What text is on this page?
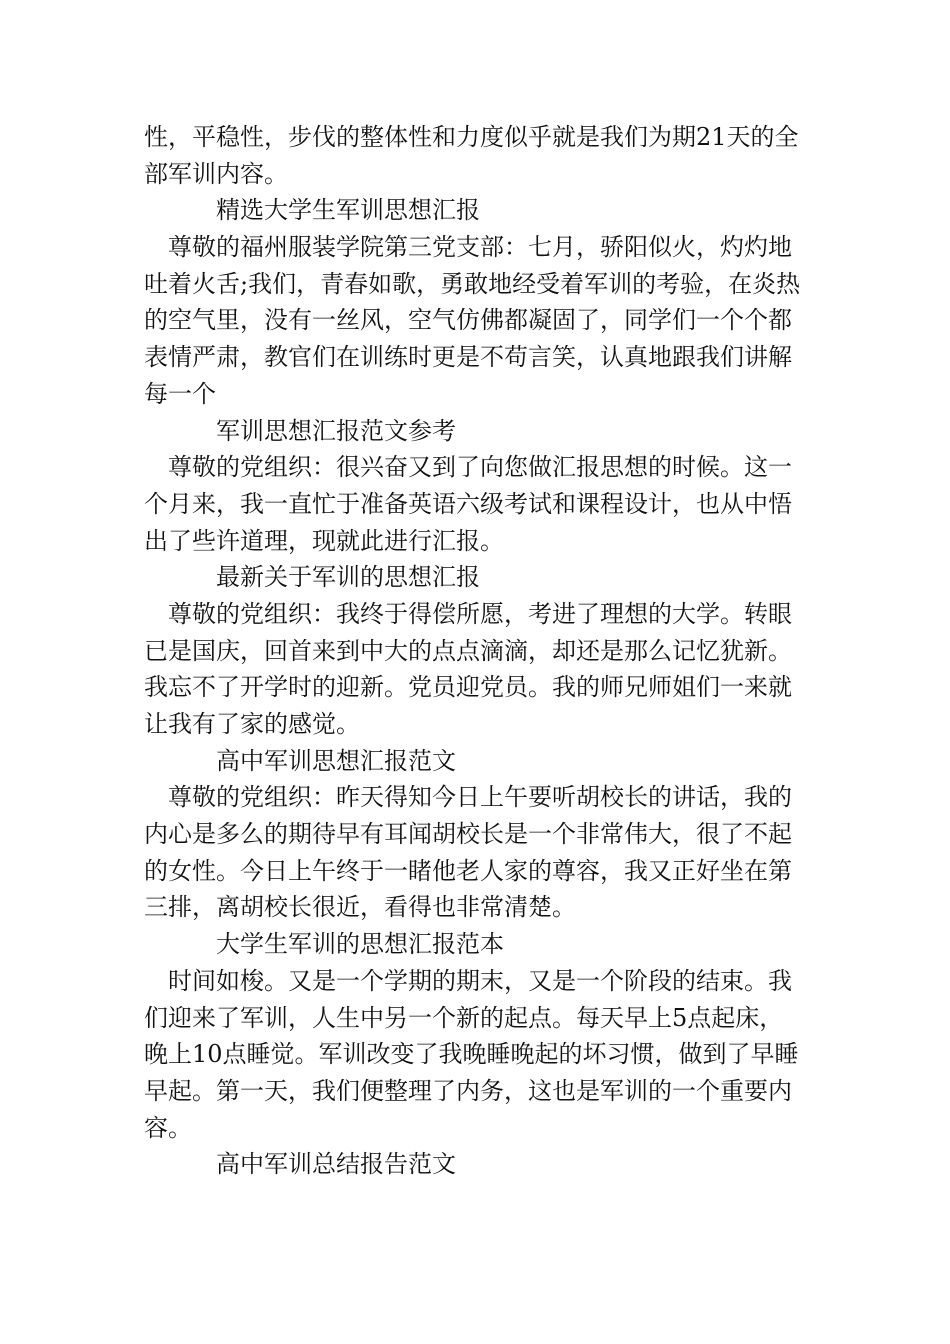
性，平稳性，步伐的整体性和力度似乎就是我们为期21天的全
部军训内容。
精选大学生军训思想汇报
尊敬的福州服装学院第三党支部：七月，骄阳似火，灼灼地
吐着火舌;我们，青春如歌，勇敢地经受着军训的考验，在炎热
的空气里，没有一丝风，空气仿佛都凝固了，同学们一个个都
表情严肃，教官们在训练时更是不苟言笑，认真地跟我们讲解
每一个
军训思想汇报范文参考
尊敬的党组织：很兴奋又到了向您做汇报思想的时候。这一
个月来，我一直忙于准备英语六级考试和课程设计，也从中悟
出了些许道理，现就此进行汇报。
最新关于军训的思想汇报
尊敬的党组织：我终于得偿所愿，考进了理想的大学。转眼
已是国庆，回首来到中大的点点滴滴，却还是那么记忆犹新。
我忘不了开学时的迎新。党员迎党员。我的师兄师姐们一来就
让我有了家的感觉。
高中军训思想汇报范文
尊敬的党组织：昨天得知今日上午要听胡校长的讲话，我的
内心是多么的期待早有耳闻胡校长是一个非常伟大，很了不起
的女性。今日上午终于一睹他老人家的尊容，我又正好坐在第
三排，离胡校长很近，看得也非常清楚。
大学生军训的思想汇报范本
时间如梭。又是一个学期的期末，又是一个阶段的结束。我
们迎来了军训，人生中另一个新的起点。每天早上5点起床，
晚上10点睡觉。军训改变了我晚睡晚起的坏习惯，做到了早睡
早起。第一天，我们便整理了内务，这也是军训的一个重要内
容。
高中军训总结报告范文
